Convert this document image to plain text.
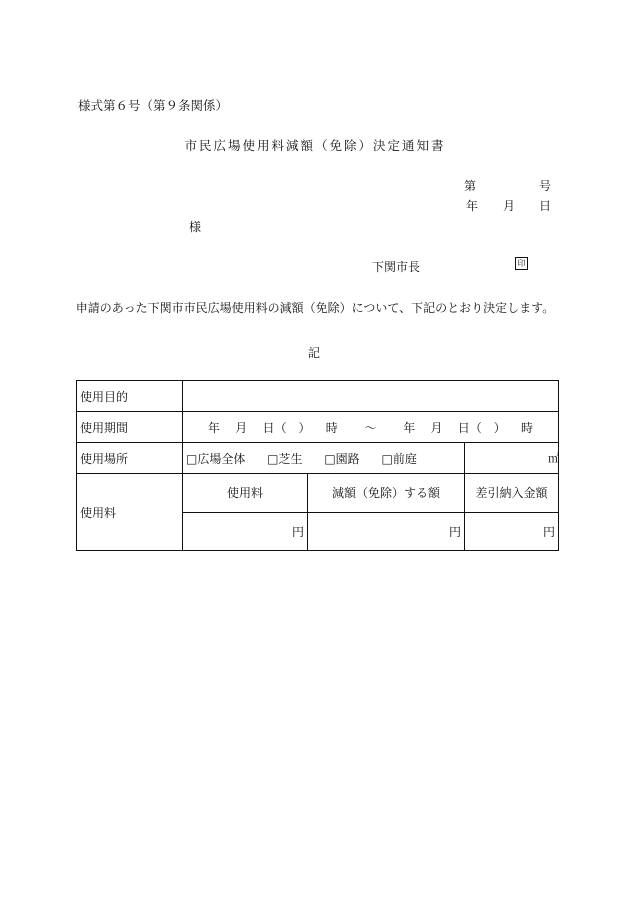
様式第６号（第９条関係）
市民広場使用料減額（免除）決定通知書
第	号
年 月 日
様
下関市長	印
申請のあった下関市市民広場使用料の減額（免除）について、下記のとおり決定します。
記
使用目的			
使用期間	年 月 日（　） 時 ～ 年 月 日（　） 時		
使用場所	□広場全体 □芝生 □園路 □前庭		㎡

使用料	使用料	減額（免除）する額	差引納入金額
	円	円	円
